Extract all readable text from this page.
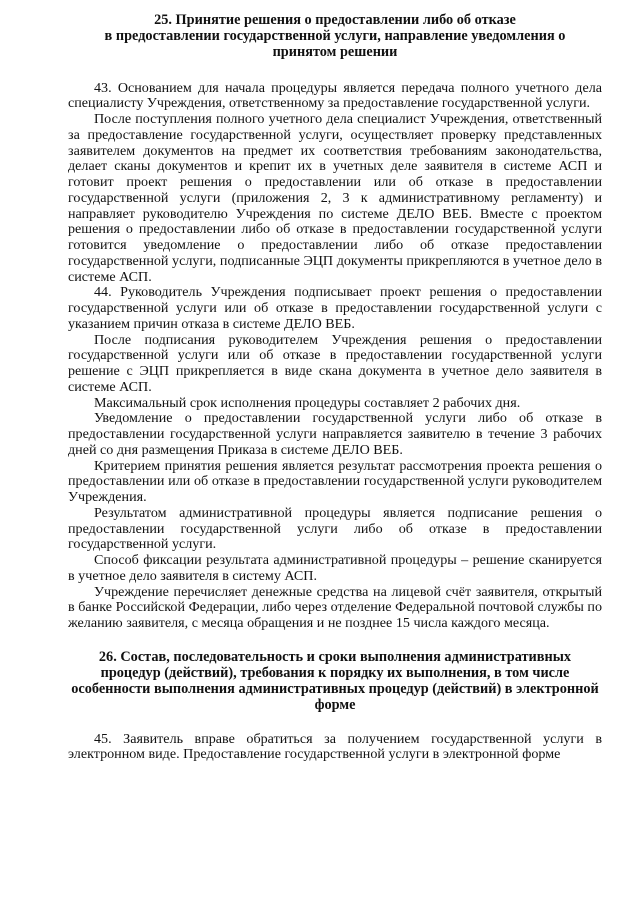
25. Принятие решения о предоставлении либо об отказе
в предоставлении государственной услуги, направление уведомления о
принятом решении

43. Основанием для начала процедуры является передача полного учетного дела специалисту Учреждения, ответственному за предоставление государственной услуги.

После поступления полного учетного дела специалист Учреждения, ответственный за предоставление государственной услуги, осуществляет проверку представленных заявителем документов на предмет их соответствия требованиям законодательства, делает сканы документов и крепит их в учетных деле заявителя в системе АСП и готовит проект решения о предоставлении или об отказе в предоставлении государственной услуги (приложения 2, 3 к административному регламенту) и направляет руководителю Учреждения по системе ДЕЛО ВЕБ. Вместе с проектом решения о предоставлении либо об отказе в предоставлении государственной услуги готовится уведомление о предоставлении либо об отказе предоставлении государственной услуги, подписанные ЭЦП документы прикрепляются в учетное дело в системе АСП.

44. Руководитель Учреждения подписывает проект решения о предоставлении государственной услуги или об отказе в предоставлении государственной услуги с указанием причин отказа в системе ДЕЛО ВЕБ.

После подписания руководителем Учреждения решения о предоставлении государственной услуги или об отказе в предоставлении государственной услуги решение с ЭЦП прикрепляется в виде скана документа в учетное дело заявителя в системе АСП.

Максимальный срок исполнения процедуры составляет 2 рабочих дня.

Уведомление о предоставлении государственной услуги либо об отказе в предоставлении государственной услуги направляется заявителю в течение 3 рабочих дней со дня размещения Приказа в системе ДЕЛО ВЕБ.

Критерием принятия решения является результат рассмотрения проекта решения о предоставлении или об отказе в предоставлении государственной услуги руководителем Учреждения.

Результатом административной процедуры является подписание решения о предоставлении государственной услуги либо об отказе в предоставлении государственной услуги.

Способ фиксации результата административной процедуры – решение сканируется в учетное дело заявителя в систему АСП.

Учреждение перечисляет денежные средства на лицевой счёт заявителя, открытый в банке Российской Федерации, либо через отделение Федеральной почтовой службы по желанию заявителя, с месяца обращения и не позднее 15 числа каждого месяца.

26. Состав, последовательность и сроки выполнения административных
процедур (действий), требования к порядку их выполнения, в том числе
особенности выполнения административных процедур (действий) в электронной
форме

45. Заявитель вправе обратиться за получением государственной услуги в электронном виде. Предоставление государственной услуги в электронной форме
